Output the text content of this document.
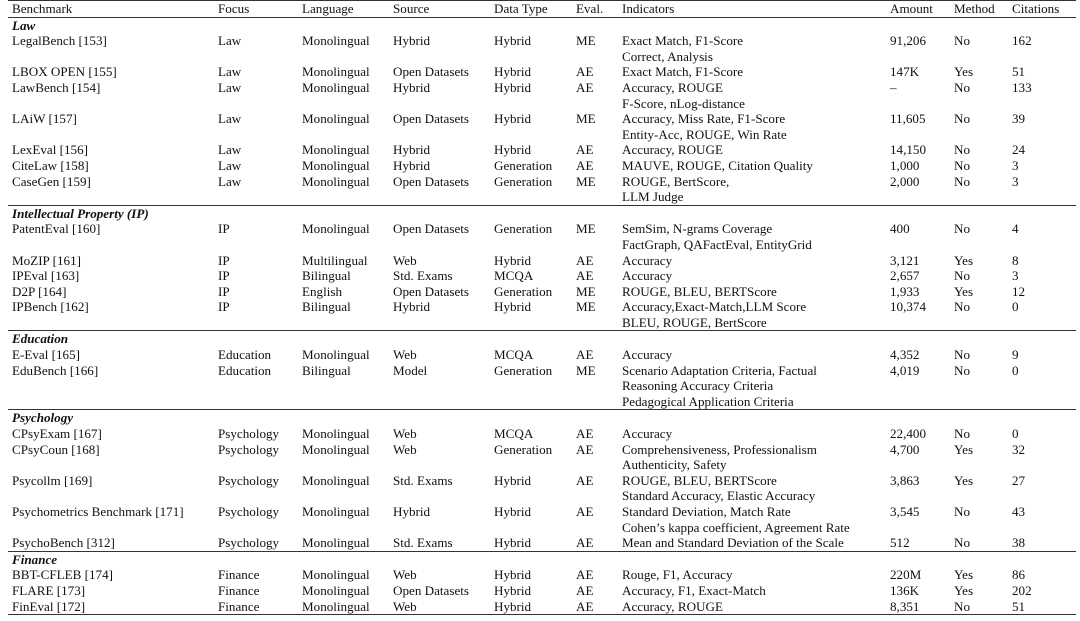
Benchmark	Focus	Language	Source	Data Type	Eval.	Indicators	Amount	Method	Citations
Law									
LegalBench [153]	Law	Monolingual	Hybrid	Hybrid	ME	Exact Match, F1-Score	91,206	No	162
						Correct, Analysis			
LBOX OPEN [155]	Law	Monolingual	Open Datasets	Hybrid	AE	Exact Match, F1-Score	147K	Yes	51
LawBench [154]	Law	Monolingual	Hybrid	Hybrid	AE	Accuracy, ROUGE	–	No	133
						F-Score, nLog-distance			
LAiW [157]	Law	Monolingual	Open Datasets	Hybrid	ME	Accuracy, Miss Rate, F1-Score	11,605	No	39
						Entity-Acc, ROUGE, Win Rate			
LexEval [156]	Law	Monolingual	Hybrid	Hybrid	AE	Accuracy, ROUGE	14,150	No	24
CiteLaw [158]	Law	Monolingual	Hybrid	Generation	AE	MAUVE, ROUGE, Citation Quality	1,000	No	3
CaseGen [159]	Law	Monolingual	Open Datasets	Generation	ME	ROUGE, BertScore,	2,000	No	3
						LLM Judge			
Intellectual Property (IP)									
PatentEval [160]	IP	Monolingual	Open Datasets	Generation	ME	SemSim, N-grams Coverage	400	No	4
						FactGraph, QAFactEval, EntityGrid			
MoZIP [161]	IP	Multilingual	Web	Hybrid	AE	Accuracy	3,121	Yes	8
IPEval [163]	IP	Bilingual	Std. Exams	MCQA	AE	Accuracy	2,657	No	3
D2P [164]	IP	English	Open Datasets	Generation	ME	ROUGE, BLEU, BERTScore	1,933	Yes	12
IPBench [162]	IP	Bilingual	Hybrid	Hybrid	ME	Accuracy,Exact-Match,LLM Score	10,374	No	0
						BLEU, ROUGE, BertScore			
Education									
E-Eval [165]	Education	Monolingual	Web	MCQA	AE	Accuracy	4,352	No	9
EduBench [166]	Education	Bilingual	Model	Generation	ME	Scenario Adaptation Criteria, Factual	4,019	No	0
						Reasoning Accuracy Criteria			
						Pedagogical Application Criteria			
Psychology									
CPsyExam [167]	Psychology	Monolingual	Web	MCQA	AE	Accuracy	22,400	No	0
CPsyCoun [168]	Psychology	Monolingual	Web	Generation	AE	Comprehensiveness, Professionalism	4,700	Yes	32
						Authenticity, Safety			
Psycollm [169]	Psychology	Monolingual	Std. Exams	Hybrid	AE	ROUGE, BLEU, BERTScore	3,863	Yes	27
						Standard Accuracy, Elastic Accuracy			
Psychometrics Benchmark [171]	Psychology	Monolingual	Hybrid	Hybrid	AE	Standard Deviation, Match Rate	3,545	No	43
						Cohen’s kappa coefficient, Agreement Rate			
PsychoBench [312]	Psychology	Monolingual	Std. Exams	Hybrid	AE	Mean and Standard Deviation of the Scale	512	No	38
Finance									
BBT-CFLEB [174]	Finance	Monolingual	Web	Hybrid	AE	Rouge, F1, Accuracy	220M	Yes	86
FLARE [173]	Finance	Monolingual	Open Datasets	Hybrid	AE	Accuracy, F1, Exact-Match	136K	Yes	202
FinEval [172]	Finance	Monolingual	Web	Hybrid	AE	Accuracy, ROUGE	8,351	No	51
